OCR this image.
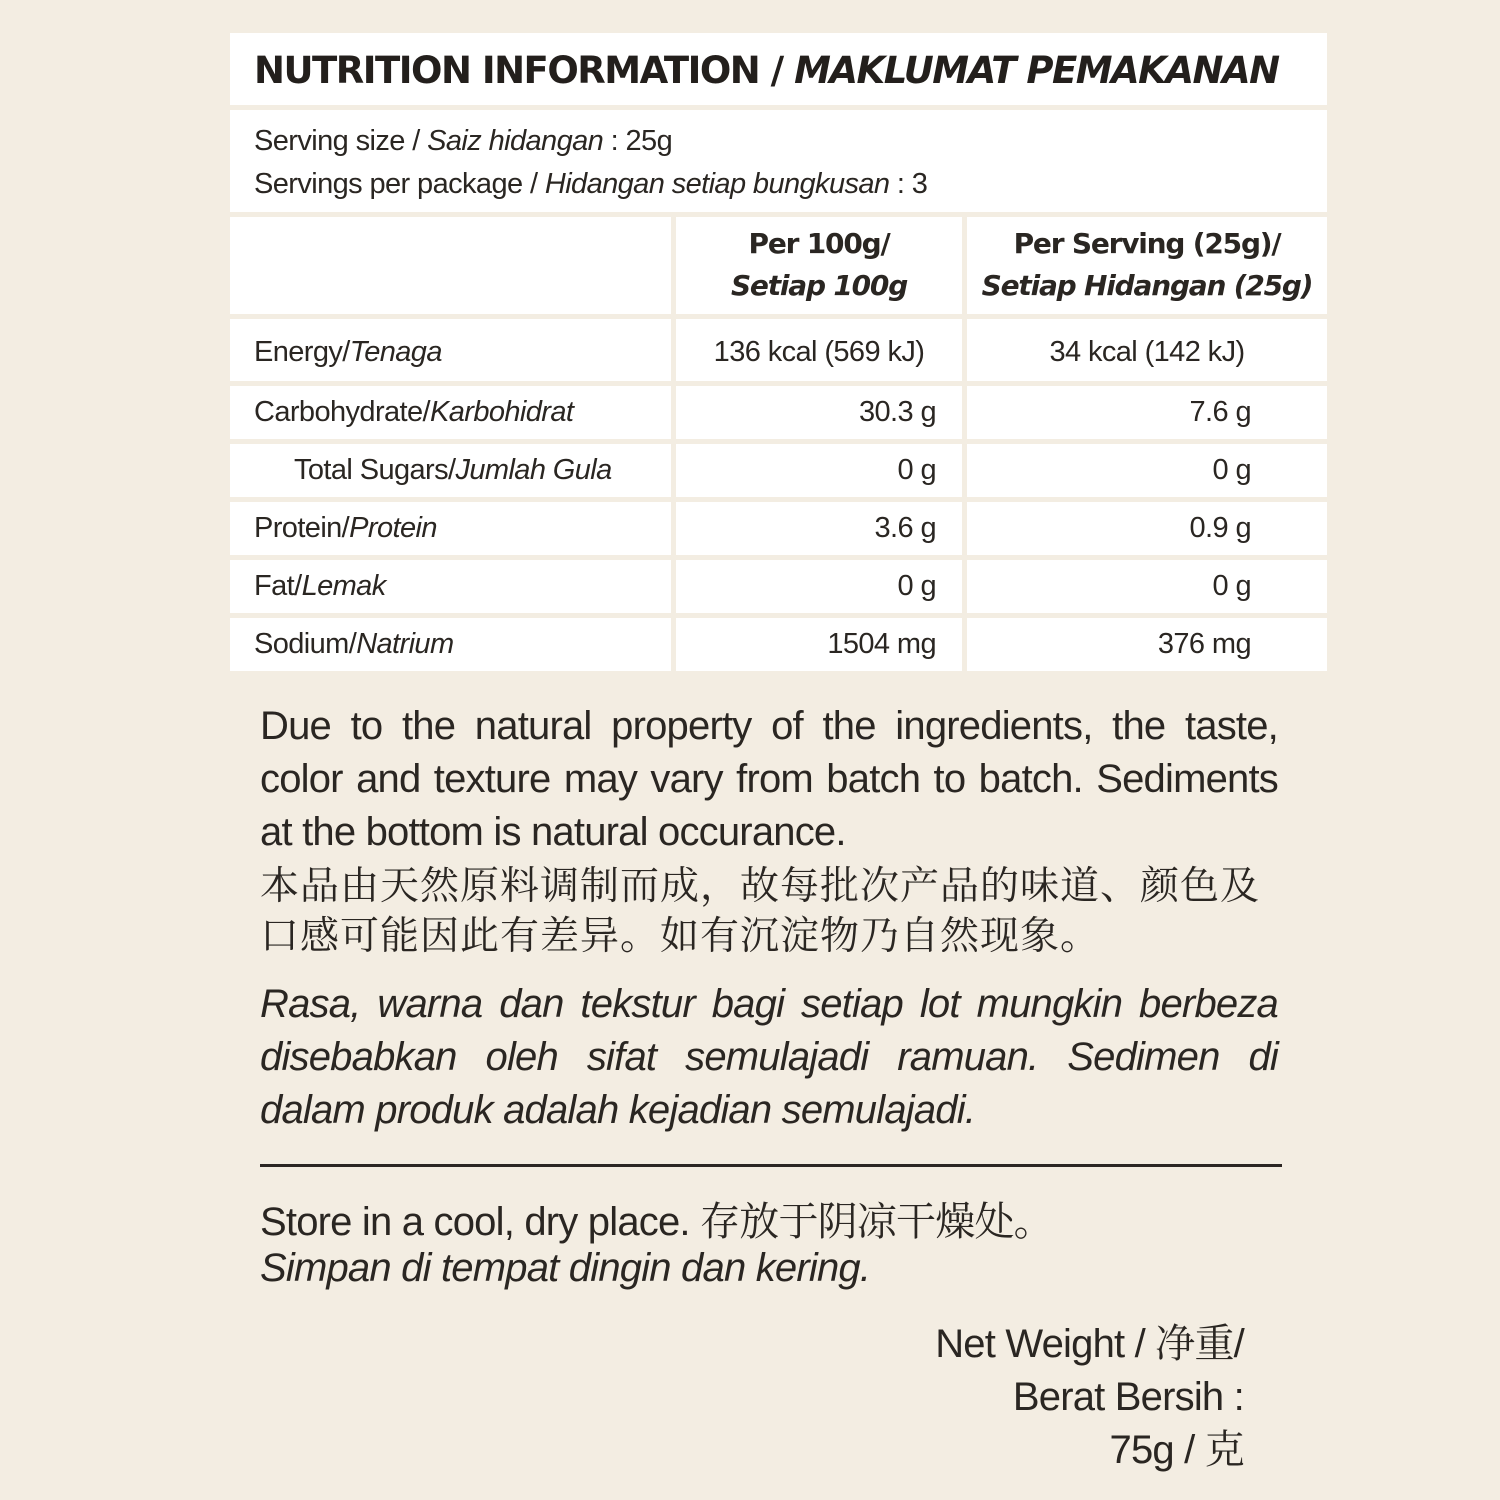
NUTRITION INFORMATION / MAKLUMAT PEMAKANAN
Serving size / Saiz hidangan : 25g
Servings per package / Hidangan setiap bungkusan : 3
Per 100g/
Setiap 100g
Per Serving (25g)/
Setiap Hidangan (25g)
Energy/Tenaga	136 kcal (569 kJ)	34 kcal (142 kJ)
Carbohydrate/Karbohidrat	30.3 g	7.6 g
Total Sugars/Jumlah Gula	0 g	0 g
Protein/Protein	3.6 g	0.9 g
Fat/Lemak	0 g	0 g
Sodium/Natrium	1504 mg	376 mg
Due to the natural property of the ingredients, the taste, color and texture may vary from batch to batch. Sediments at the bottom is natural occurance.
本品由天然原料调制而成，故每批次产品的味道、颜色及口感可能因此有差异。如有沉淀物乃自然现象。
Rasa, warna dan tekstur bagi setiap lot mungkin berbeza disebabkan oleh sifat semulajadi ramuan. Sedimen di dalam produk adalah kejadian semulajadi.
Store in a cool, dry place. 存放于阴凉干燥处。
Simpan di tempat dingin dan kering.
Net Weight / 净重/
Berat Bersih :
75g / 克
